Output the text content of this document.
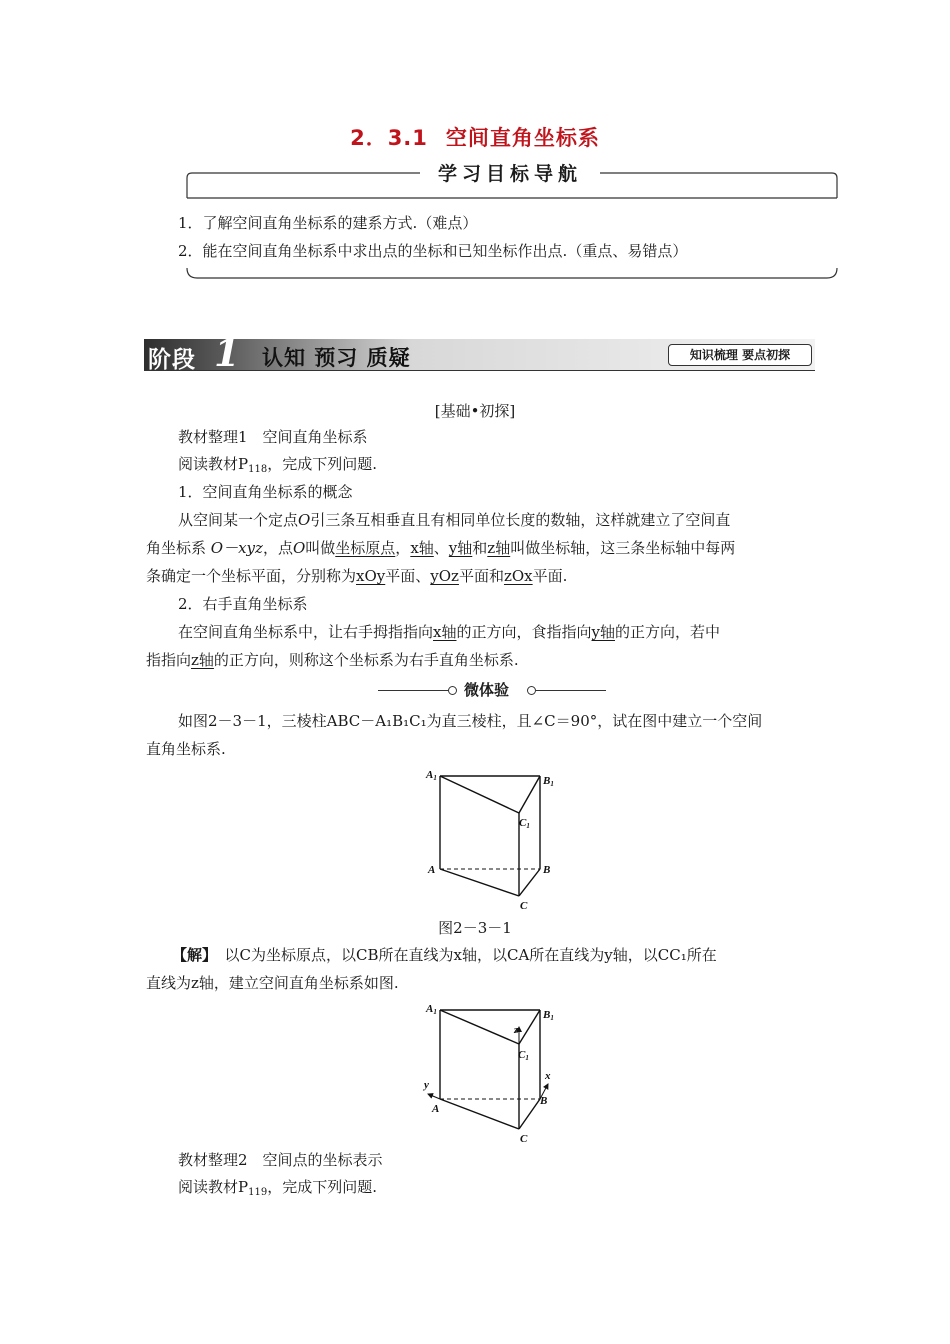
2．3.1 空间直角坐标系
学习目标导航
1．了解空间直角坐标系的建系方式.（难点）
2．能在空间直角坐标系中求出点的坐标和已知坐标作出点.（重点、易错点）
阶段 1 认知 预习 质疑	知识梳理 要点初探
[基础•初探]
教材整理1　空间直角坐标系
阅读教材$P_{118}$，完成下列问题.
1．空间直角坐标系的概念
从空间某一个定点O引三条互相垂直且有相同单位长度的数轴，这样就建立了空间直
角坐标系 O－xyz，点O叫做坐标原点，x轴、y轴和z轴叫做坐标轴，这三条坐标轴中每两
条确定一个坐标平面，分别称为xOy平面、yOz平面和zOx平面.
2．右手直角坐标系
在空间直角坐标系中，让右手拇指指向x轴的正方向，食指指向y轴的正方向，若中
指指向z轴的正方向，则称这个坐标系为右手直角坐标系.
微体验
如图2－3－1，三棱柱ABC－A₁B₁C₁为直三棱柱，且∠C＝90°，试在图中建立一个空间
直角坐标系.
A1	B1
C1
A	B
C
图2－3－1
【解】　 以C为坐标原点，以CB所在直线为x轴，以CA所在直线为y轴，以CC₁所在
直线为z轴，建立空间直角坐标系如图.
A1	B1
C1
z
y
x
A
B
C
教材整理2　空间点的坐标表示
阅读教材$P_{119}$，完成下列问题.
